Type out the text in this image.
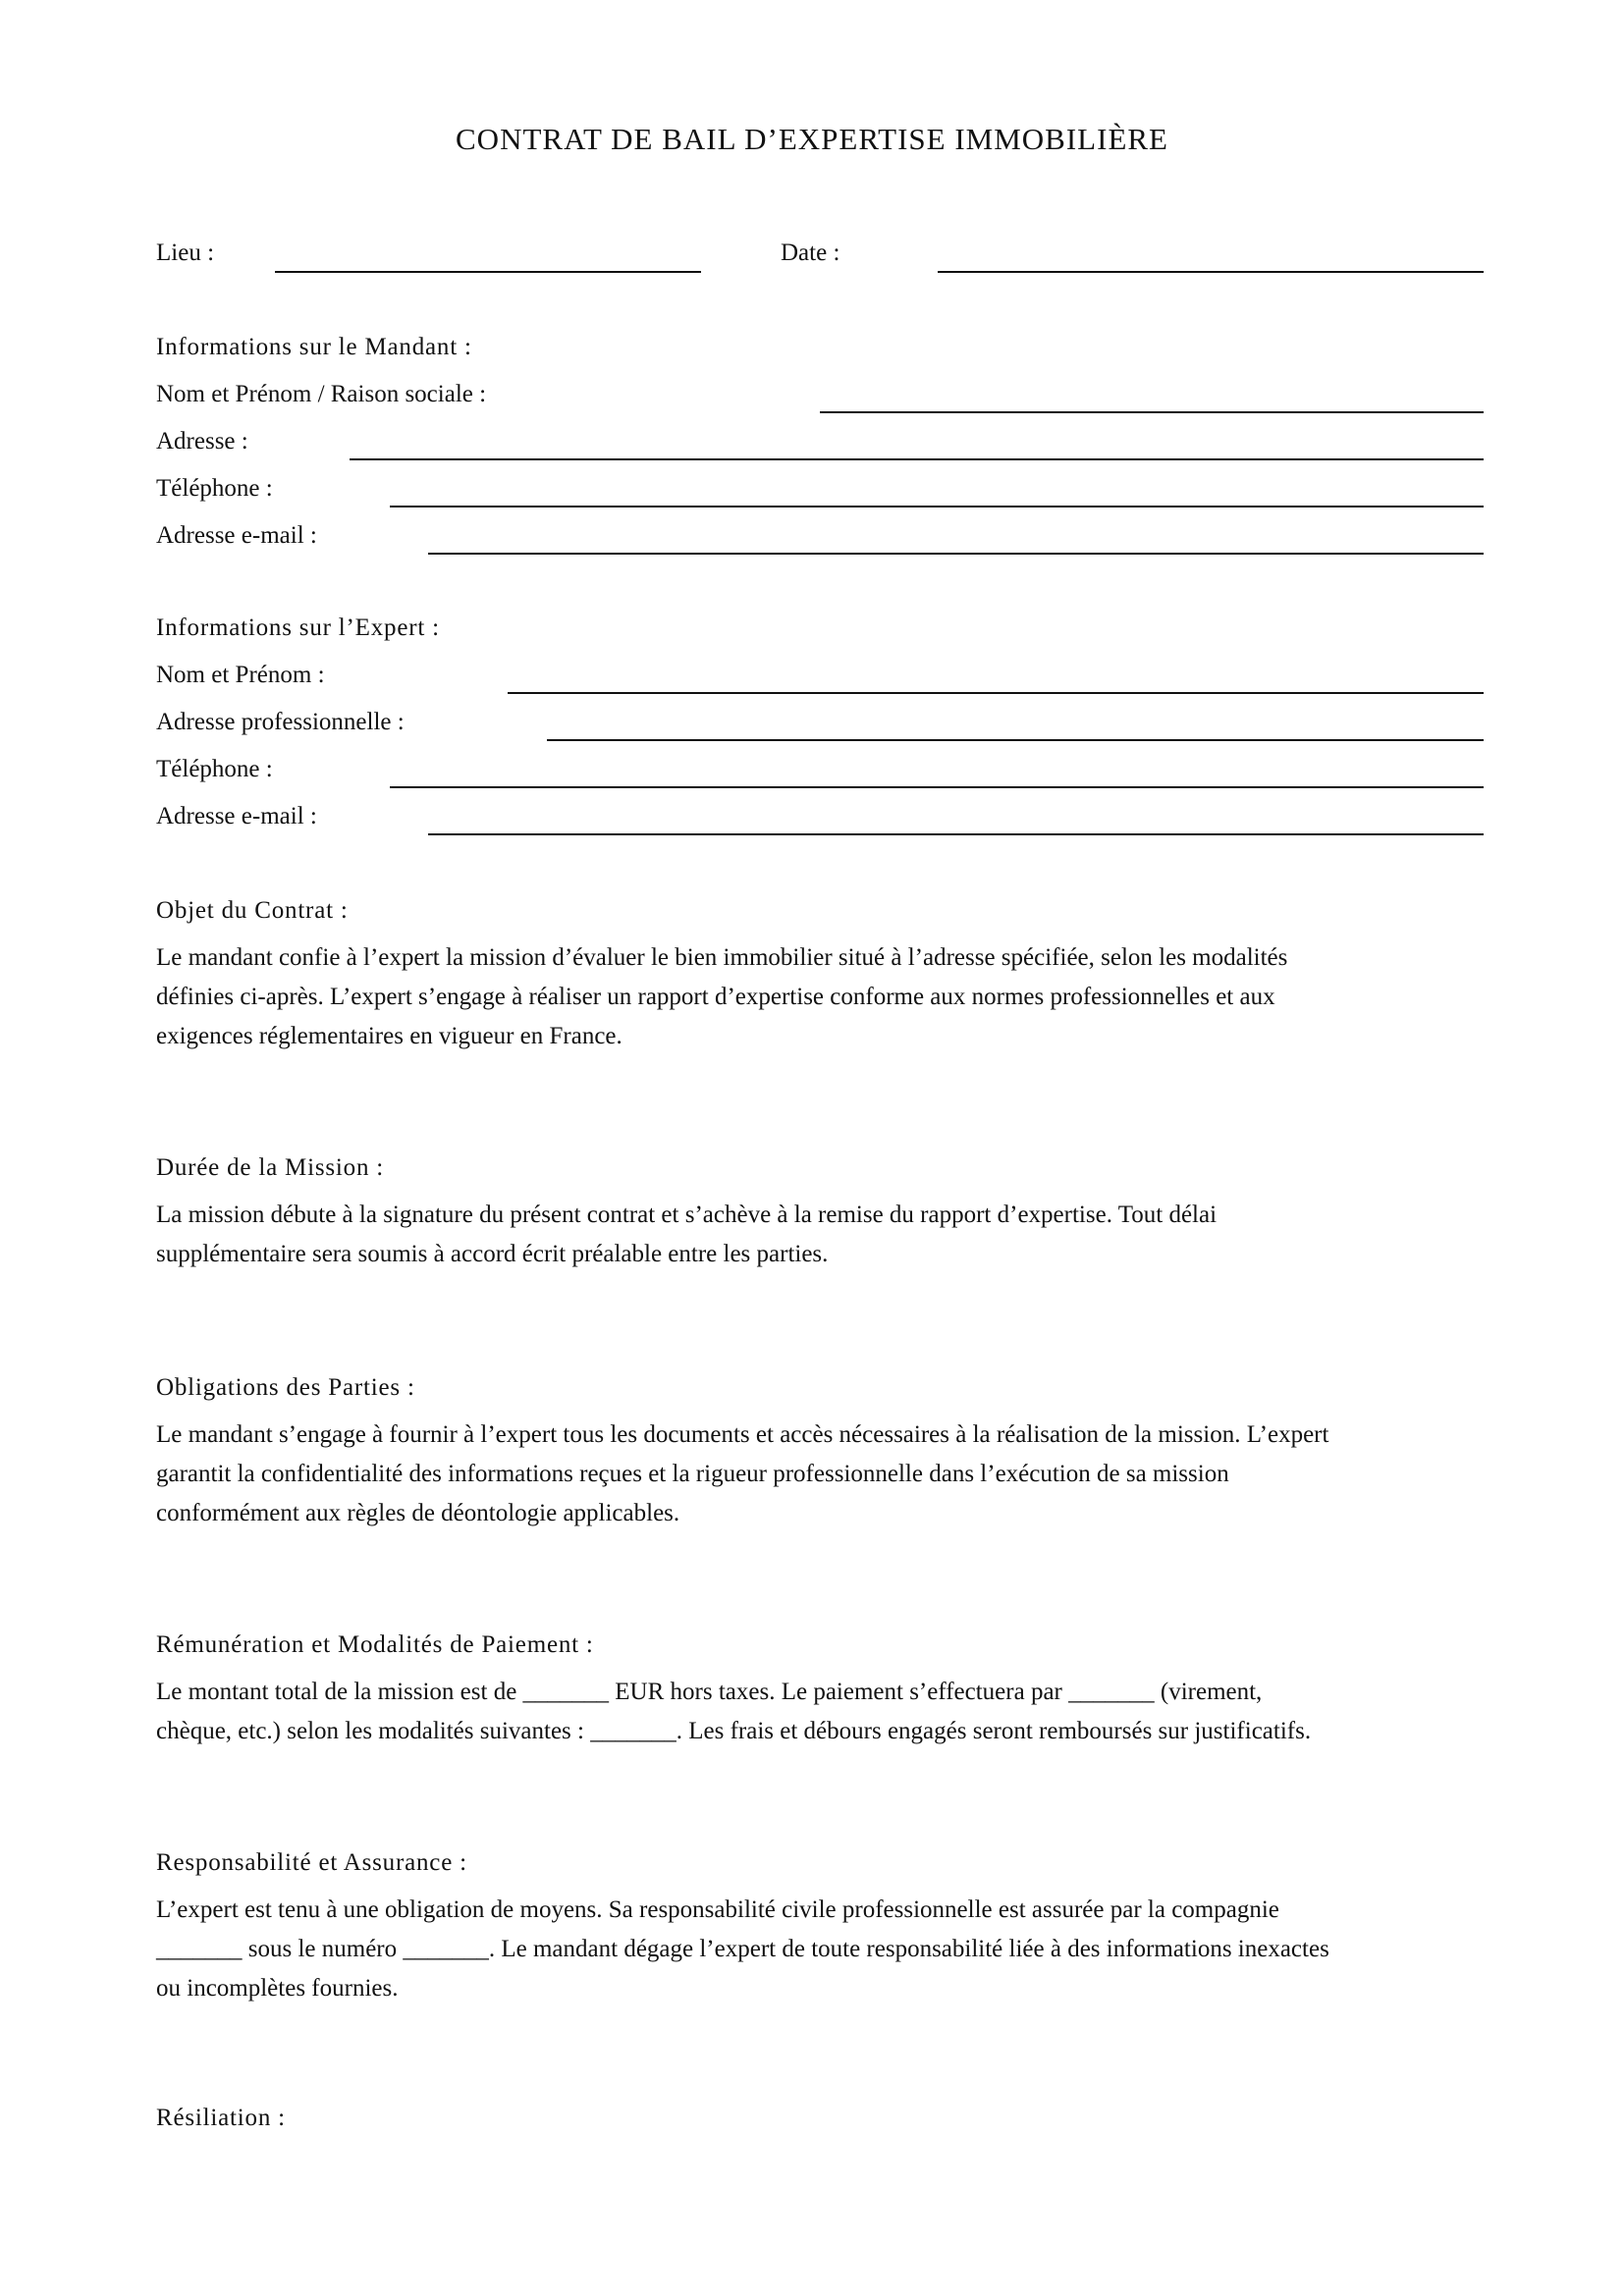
CONTRAT DE BAIL D’EXPERTISE IMMOBILIÈRE
Lieu :	Date :
Informations sur le Mandant :
Nom et Prénom / Raison sociale :
Adresse :
Téléphone :
Adresse e-mail :
Informations sur l’Expert :
Nom et Prénom :
Adresse professionnelle :
Téléphone :
Adresse e-mail :
Objet du Contrat :

Le mandant confie à l’expert la mission d’évaluer le bien immobilier situé à l’adresse spécifiée, selon les modalités

définies ci-après. L’expert s’engage à réaliser un rapport d’expertise conforme aux normes professionnelles et aux

exigences réglementaires en vigueur en France.

Durée de la Mission :

La mission débute à la signature du présent contrat et s’achève à la remise du rapport d’expertise. Tout délai

supplémentaire sera soumis à accord écrit préalable entre les parties.

Obligations des Parties :

Le mandant s’engage à fournir à l’expert tous les documents et accès nécessaires à la réalisation de la mission. L’expert

garantit la confidentialité des informations reçues et la rigueur professionnelle dans l’exécution de sa mission

conformément aux règles de déontologie applicables.

Rémunération et Modalités de Paiement :

Le montant total de la mission est de _______ EUR hors taxes. Le paiement s’effectuera par _______ (virement,

chèque, etc.) selon les modalités suivantes : _______. Les frais et débours engagés seront remboursés sur justificatifs.

Responsabilité et Assurance :

L’expert est tenu à une obligation de moyens. Sa responsabilité civile professionnelle est assurée par la compagnie

_______ sous le numéro _______. Le mandant dégage l’expert de toute responsabilité liée à des informations inexactes

ou incomplètes fournies.

Résiliation :
